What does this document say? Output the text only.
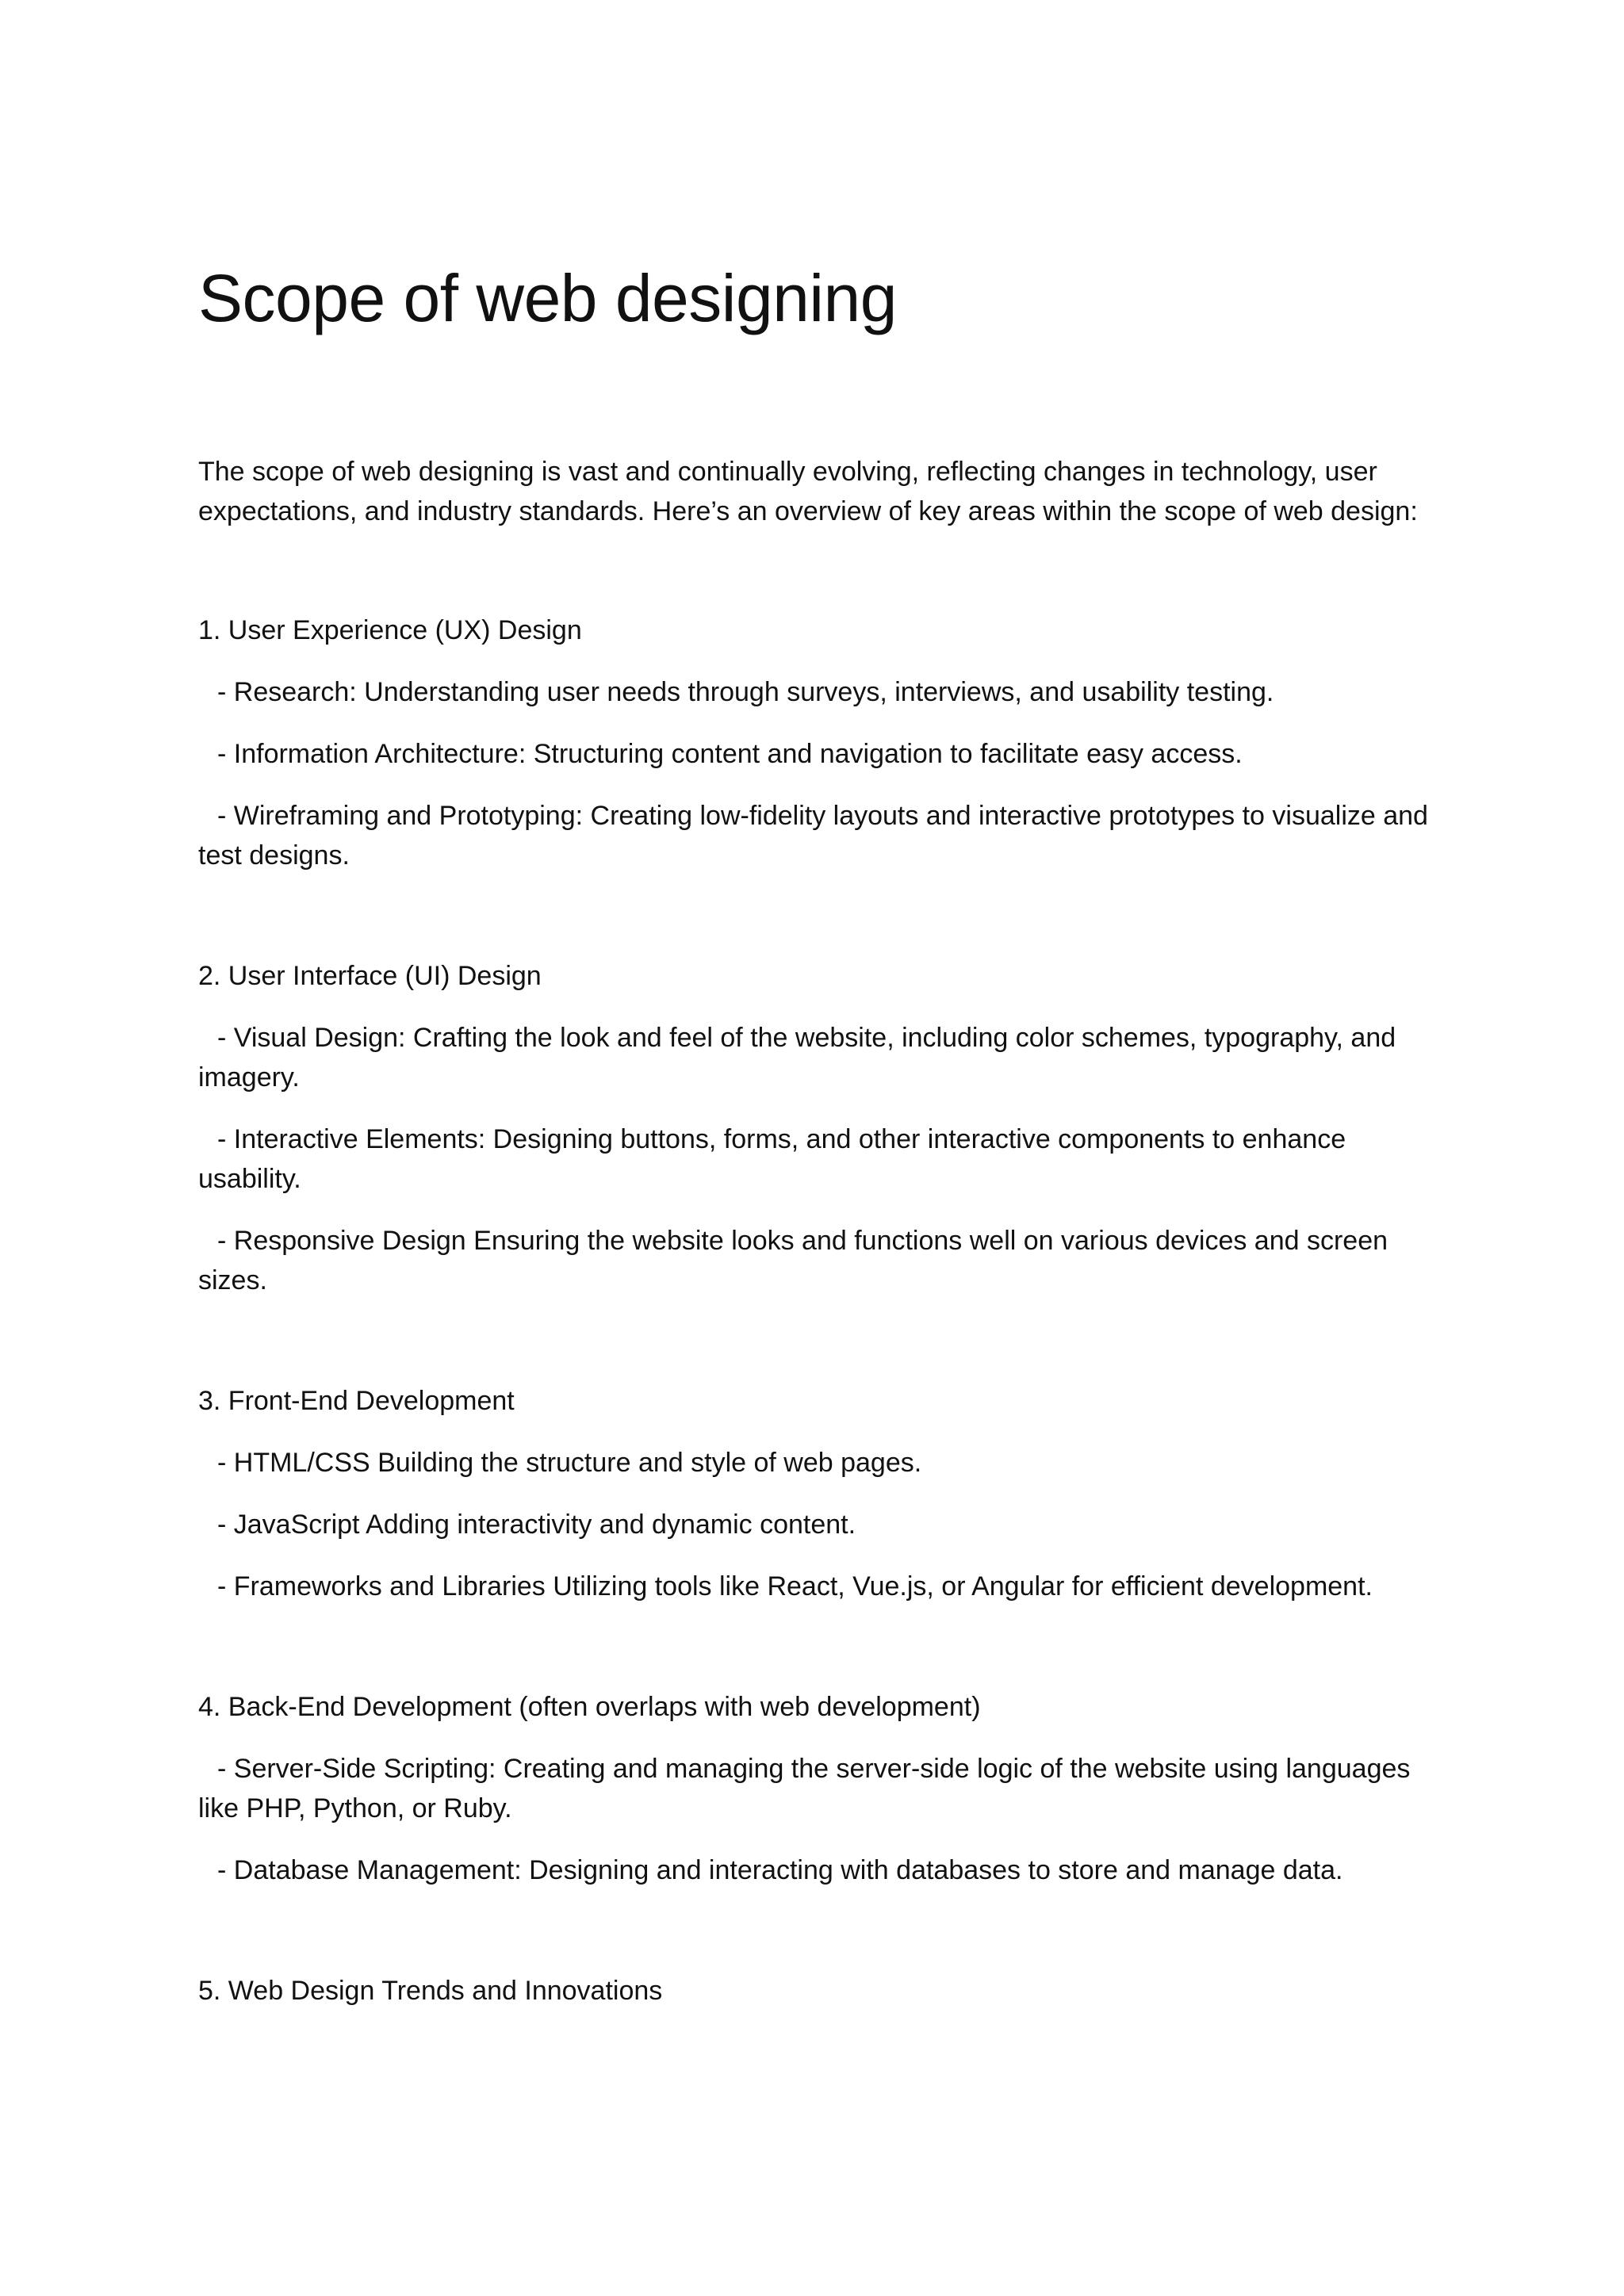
Scope of web designing

The scope of web designing is vast and continually evolving, reflecting changes in technology, user expectations, and industry standards. Here’s an overview of key areas within the scope of web design:

1. User Experience (UX) Design

- Research: Understanding user needs through surveys, interviews, and usability testing.

- Information Architecture: Structuring content and navigation to facilitate easy access.

- Wireframing and Prototyping: Creating low-fidelity layouts and interactive prototypes to visualize and test designs.

2. User Interface (UI) Design

- Visual Design: Crafting the look and feel of the website, including color schemes, typography, and imagery.

- Interactive Elements: Designing buttons, forms, and other interactive components to enhance usability.

- Responsive Design Ensuring the website looks and functions well on various devices and screen sizes.

3. Front-End Development

- HTML/CSS Building the structure and style of web pages.

- JavaScript Adding interactivity and dynamic content.

- Frameworks and Libraries Utilizing tools like React, Vue.js, or Angular for efficient development.

4. Back-End Development (often overlaps with web development)

- Server-Side Scripting: Creating and managing the server-side logic of the website using languages like PHP, Python, or Ruby.

- Database Management: Designing and interacting with databases to store and manage data.

5. Web Design Trends and Innovations
